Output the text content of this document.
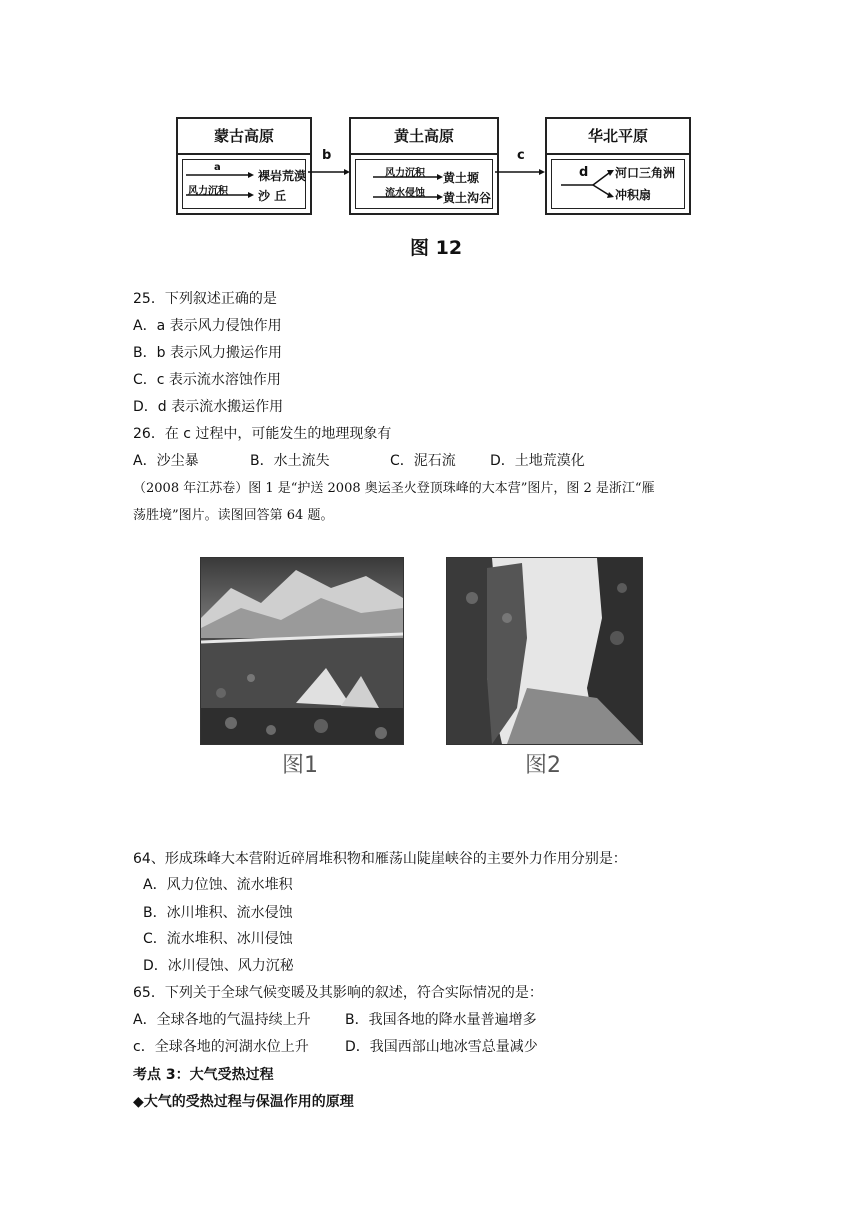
蒙古高原
a
裸岩荒漠
风力沉积	沙 丘
b
黄土高原
风力沉积 黄土塬
流水侵蚀 黄土沟谷
c
华北平原
d 河口三角洲
冲积扇
图 12
25．下列叙述正确的是
A．a 表示风力侵蚀作用
B．b 表示风力搬运作用
C．c 表示流水溶蚀作用
D．d 表示流水搬运作用
26．在 c 过程中，可能发生的地理现象有
A．沙尘暴	B．水土流失	C．泥石流 D．土地荒漠化
（2008 年江苏卷）图 1 是“护送 2008 奥运圣火登顶珠峰的大本营”图片，图 2 是浙江“雁
荡胜境”图片。读图回答第 64 题。
图1	图2
64、形成珠峰大本营附近碎屑堆积物和雁荡山陡崖峡谷的主要外力作用分别是：
A．风力位蚀、流水堆积
B．冰川堆积、流水侵蚀
C．流水堆积、冰川侵蚀
D．冰川侵蚀、风力沉秘
65．下列关于全球气候变暖及其影响的叙述，符合实际情况的是：
A．全球各地的气温持续上升 B．我国各地的降水量普遍增多
c．全球各地的河湖水位上升	D．我国西部山地冰雪总量减少
考点 3：大气受热过程
◆大气的受热过程与保温作用的原理
